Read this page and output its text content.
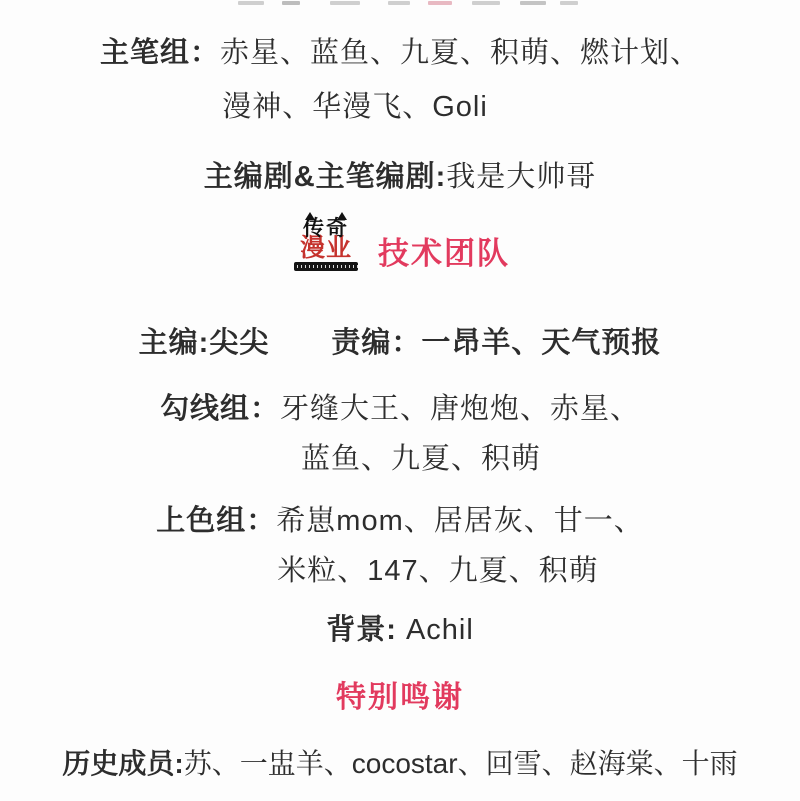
主笔组：赤星、蓝鱼、九夏、积萌、燃计划、
漫神、华漫飞、Goli
主编剧&主笔编剧:我是大帅哥
传奇
漫业 技术团队
主编:尖尖 责编：一昂羊、天气预报
勾线组：牙缝大王、唐炮炮、赤星、
蓝鱼、九夏、积萌
上色组：希崽mom、居居灰、甘一、
米粒、147、九夏、积萌
背景: Achil
特别鸣谢
历史成员:苏、一盅羊、cocostar、回雪、赵海棠、十雨
